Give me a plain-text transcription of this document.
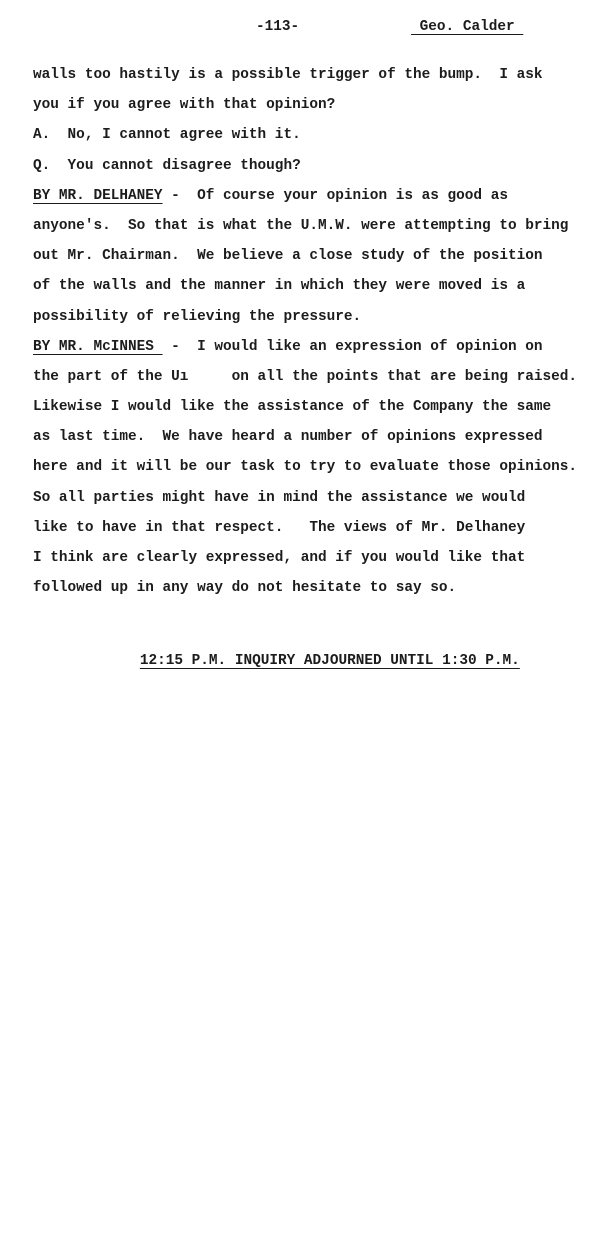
-113-	Geo. Calder
walls too hastily is a possible trigger of the bump.  I ask
you if you agree with that opinion?
A.  No, I cannot agree with it.
Q.  You cannot disagree though?
BY MR. DELHANEY -  Of course your opinion is as good as
anyone's.  So that is what the U.M.W. were attempting to bring
out Mr. Chairman.  We believe a close study of the position
of the walls and the manner in which they were moved is a
possibility of relieving the pressure.
BY MR. McINNES  -  I would like an expression of opinion on
the part of the Uı     on all the points that are being raised.
Likewise I would like the assistance of the Company the same
as last time.  We have heard a number of opinions expressed
here and it will be our task to try to evaluate those opinions.
So all parties might have in mind the assistance we would
like to have in that respect.   The views of Mr. Delhaney
I think are clearly expressed, and if you would like that
followed up in any way do not hesitate to say so.

12:15 P.M. INQUIRY ADJOURNED UNTIL 1:30 P.M.
